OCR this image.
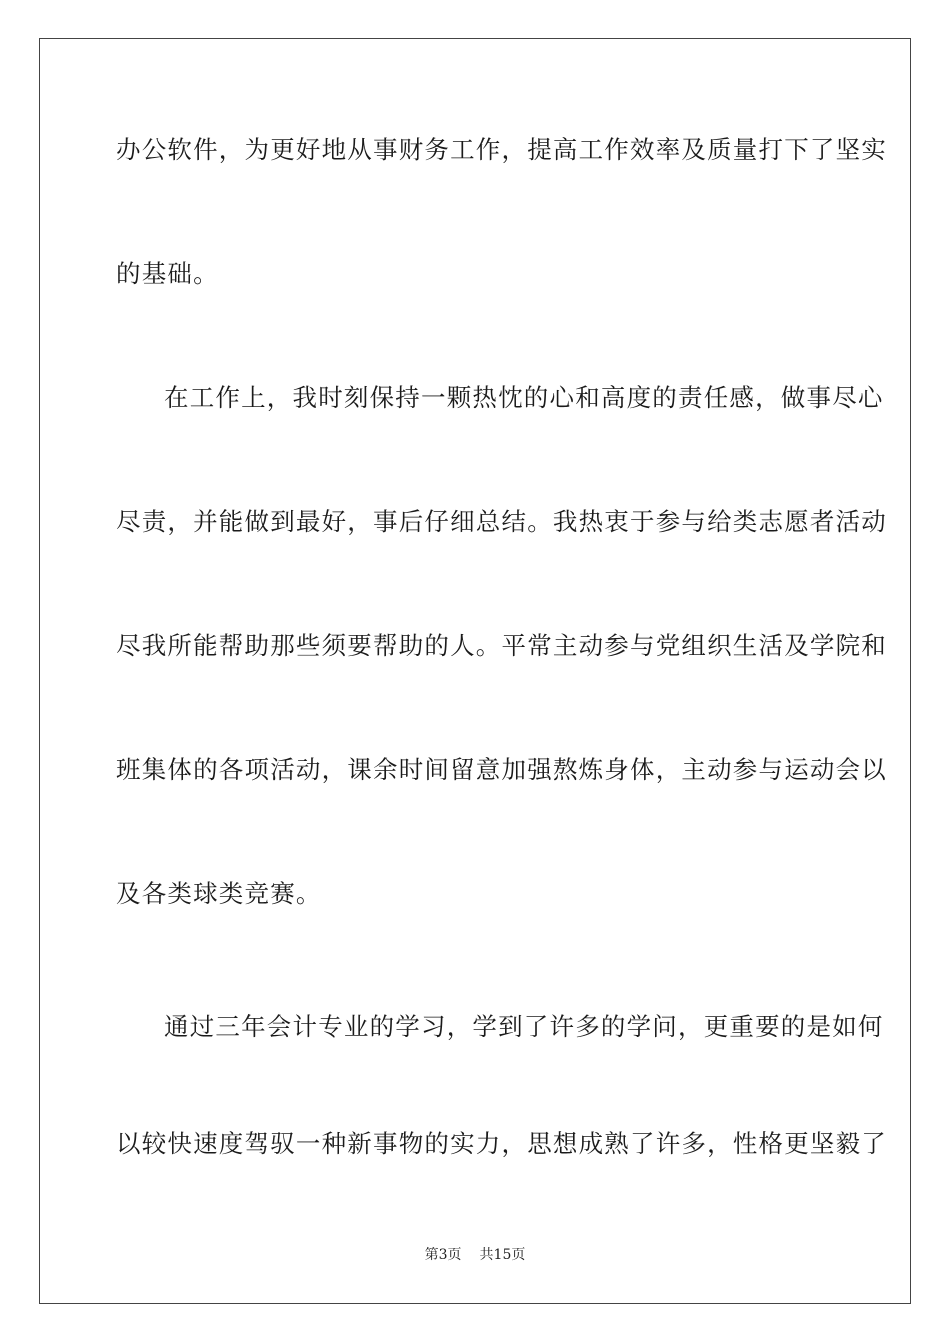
办公软件，为更好地从事财务工作，提高工作效率及质量打下了坚实
的基础。
在工作上，我时刻保持一颗热忱的心和高度的责任感，做事尽心
尽责，并能做到最好，事后仔细总结。我热衷于参与给类志愿者活动
尽我所能帮助那些须要帮助的人。平常主动参与党组织生活及学院和
班集体的各项活动，课余时间留意加强熬炼身体，主动参与运动会以
及各类球类竞赛。
通过三年会计专业的学习，学到了许多的学问，更重要的是如何
以较快速度驾驭一种新事物的实力，思想成熟了许多，性格更坚毅了
第3页 共15页
